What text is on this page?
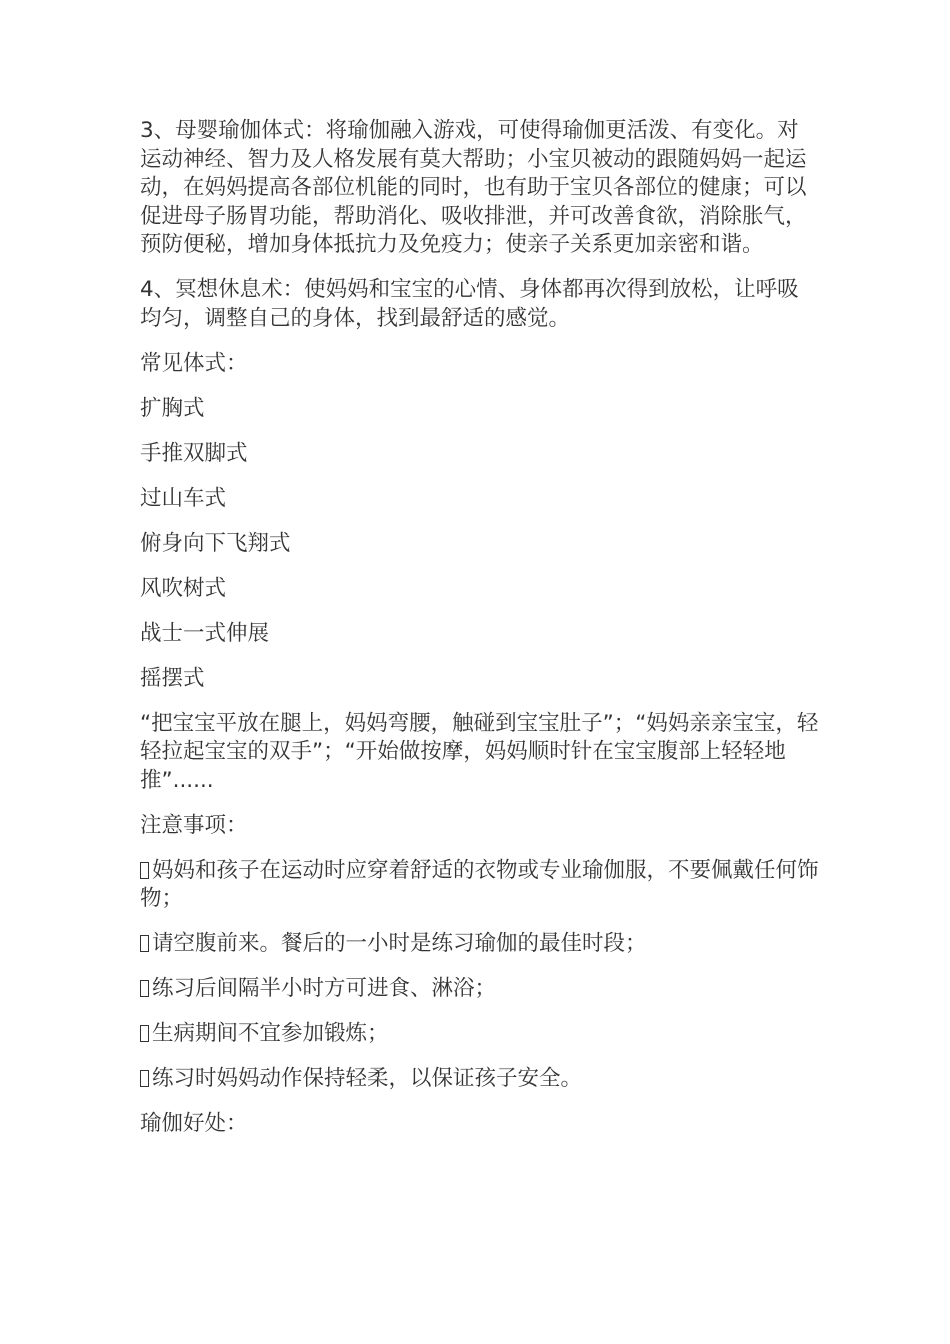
3、母婴瑜伽体式：将瑜伽融入游戏，可使得瑜伽更活泼、有变化。对运动神经、智力及人格发展有莫大帮助；小宝贝被动的跟随妈妈一起运动，在妈妈提高各部位机能的同时，也有助于宝贝各部位的健康；可以促进母子肠胃功能，帮助消化、吸收排泄，并可改善食欲，消除胀气，预防便秘，增加身体抵抗力及免疫力；使亲子关系更加亲密和谐。

4、冥想休息术：使妈妈和宝宝的心情、身体都再次得到放松，让呼吸均匀，调整自己的身体，找到最舒适的感觉。

常见体式：

扩胸式

手推双脚式

过山车式

俯身向下飞翔式

风吹树式

战士一式伸展

摇摆式

“把宝宝平放在腿上，妈妈弯腰，触碰到宝宝肚子”；“妈妈亲亲宝宝，轻轻拉起宝宝的双手”；“开始做按摩，妈妈顺时针在宝宝腹部上轻轻地推”......

注意事项：

妈妈和孩子在运动时应穿着舒适的衣物或专业瑜伽服，不要佩戴任何饰物；

请空腹前来。餐后的一小时是练习瑜伽的最佳时段；

练习后间隔半小时方可进食、淋浴；

生病期间不宜参加锻炼；

练习时妈妈动作保持轻柔，以保证孩子安全。

瑜伽好处：
